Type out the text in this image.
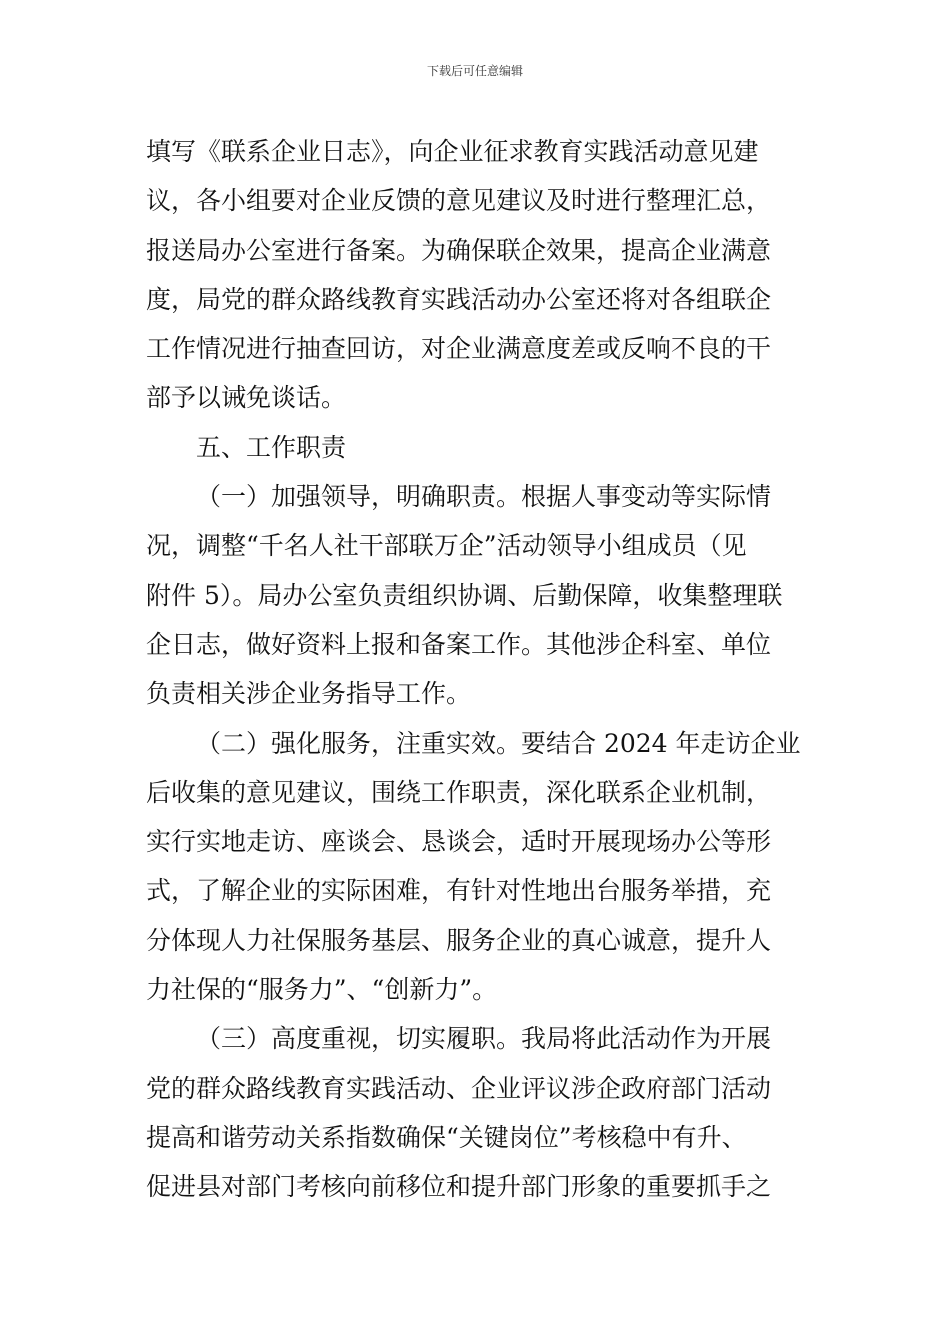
下载后可任意编辑
填写《联系企业日志》，向企业征求教育实践活动意见建
议，各小组要对企业反馈的意见建议及时进行整理汇总，
报送局办公室进行备案。为确保联企效果，提高企业满意
度，局党的群众路线教育实践活动办公室还将对各组联企
工作情况进行抽查回访，对企业满意度差或反响不良的干
部予以诫免谈话。
五、工作职责
（一）加强领导，明确职责。根据人事变动等实际情
况，调整“千名人社干部联万企”活动领导小组成员（见
附件 5）。局办公室负责组织协调、后勤保障，收集整理联
企日志，做好资料上报和备案工作。其他涉企科室、单位
负责相关涉企业务指导工作。
（二）强化服务，注重实效。要结合 2024 年走访企业
后收集的意见建议，围绕工作职责，深化联系企业机制，
实行实地走访、座谈会、恳谈会，适时开展现场办公等形
式，了解企业的实际困难，有针对性地出台服务举措，充
分体现人力社保服务基层、服务企业的真心诚意，提升人
力社保的“服务力”、“创新力”。
（三）高度重视，切实履职。我局将此活动作为开展
党的群众路线教育实践活动、企业评议涉企政府部门活动
提高和谐劳动关系指数确保“关键岗位”考核稳中有升、
促进县对部门考核向前移位和提升部门形象的重要抓手之
